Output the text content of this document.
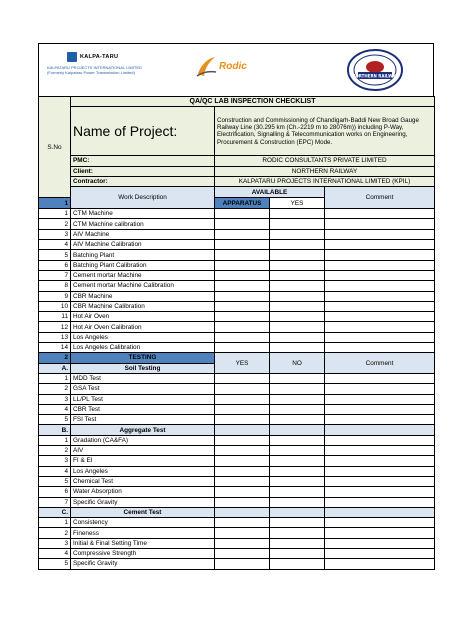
KALPA-TARU
KALPATARU PROJECTS INTERNATIONAL LIMITED
(Formerly Kalpataru Power Transmission Limited)
Rodic
NORTHERN RAILWAY
S.No	QA/QC LAB INSPECTION CHECKLIST				
	Name of Project:	Construction and Commissioning of Chandigarh-Baddi New Broad Gauge Railway Line (30.295 km (Ch.-2219 m to 28076m)) including P-Way, Electrification, Signalling & Telecommunication works on Engineering, Procurement & Construction (EPC) Mode.			
	PMC:	RODIC CONSULTANTS PRIVATE LIMITED			
	Client:	NORTHERN RAILWAY			
	Contractor:	KALPATARU PROJECTS INTERNATIONAL LIMITED (KPIL)			
	Work Description	AVAILABLE		Comment	
1		APPARATUS	YES	
1	CTM Machine				
2	CTM Machine calibration				
3	AIV Machine				
4	AIV Machine Calibration				
5	Batching Plant				
6	Batching Plant Calibration				
7	Cement mortar Machine				
8	Cement mortar Machine Calibration				
9	CBR Machine				
10	CBR Machine Calibration				
11	Hot Air Oven				
12	Hot Air Oven Calibration				
13	Los Angeles				
14	Los Angeles Calibration				
2	TESTING	YES	NO	Comment	
A.	Soil Testing				
1	MDD Test				
2	GSA Test				
3	LL/PL Test				
4	CBR Test				
5	FSI Test				
B.	Aggregate Test				
1	Gradation (CA&FA)				
2	AIV				
3	FI & EI				
4	Los Angeles				
5	Chemical Test				
6	Water Absorption				
7	Specific Gravity				
C.	Cement Test				
1	Consistency				
2	Fineness				
3	Initial & Final Setting Time				
4	Compressive Strength				
5	Specific Gravity				
